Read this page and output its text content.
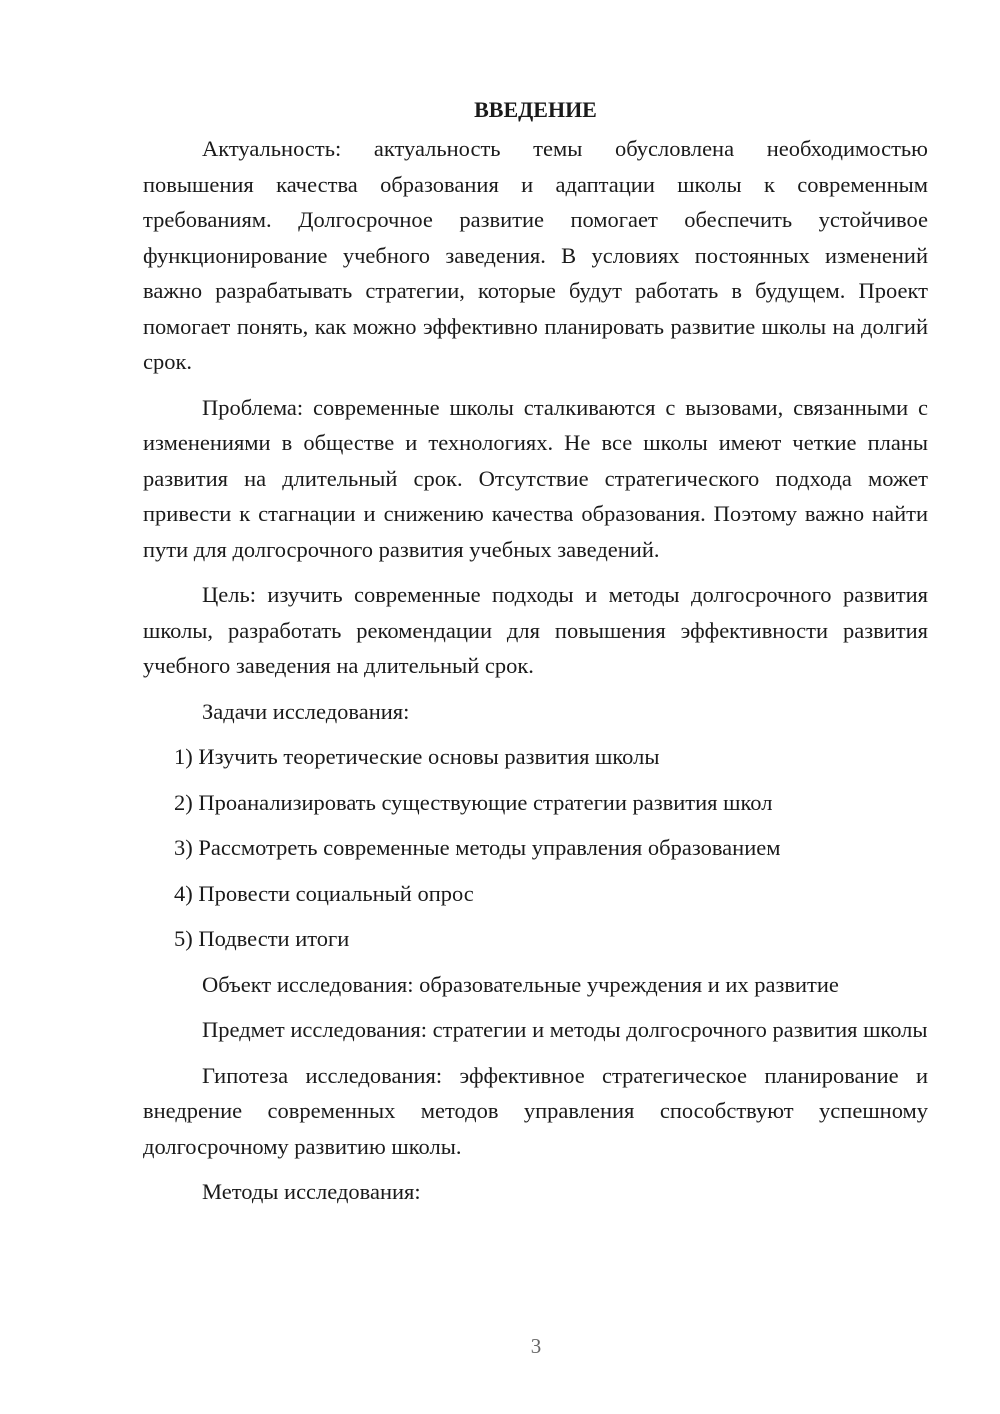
ВВЕДЕНИЕ

Актуальность: актуальность темы обусловлена необходимостью повышения качества образования и адаптации школы к современным требованиям. Долгосрочное развитие помогает обеспечить устойчивое функционирование учебного заведения. В условиях постоянных изменений важно разрабатывать стратегии, которые будут работать в будущем. Проект помогает понять, как можно эффективно планировать развитие школы на долгий срок.

Проблема: современные школы сталкиваются с вызовами, связанными с изменениями в обществе и технологиях. Не все школы имеют четкие планы развития на длительный срок. Отсутствие стратегического подхода может привести к стагнации и снижению качества образования. Поэтому важно найти пути для долгосрочного развития учебных заведений.

Цель: изучить современные подходы и методы долгосрочного развития школы, разработать рекомендации для повышения эффективности развития учебного заведения на длительный срок.

Задачи исследования:
1) Изучить теоретические основы развития школы
2) Проанализировать существующие стратегии развития школ
3) Рассмотреть современные методы управления образованием
4) Провести социальный опрос
5) Подвести итоги

Объект исследования: образовательные учреждения и их развитие

Предмет исследования: стратегии и методы долгосрочного развития школы

Гипотеза исследования: эффективное стратегическое планирование и внедрение современных методов управления способствуют успешному долгосрочному развитию школы.

Методы исследования:
3
